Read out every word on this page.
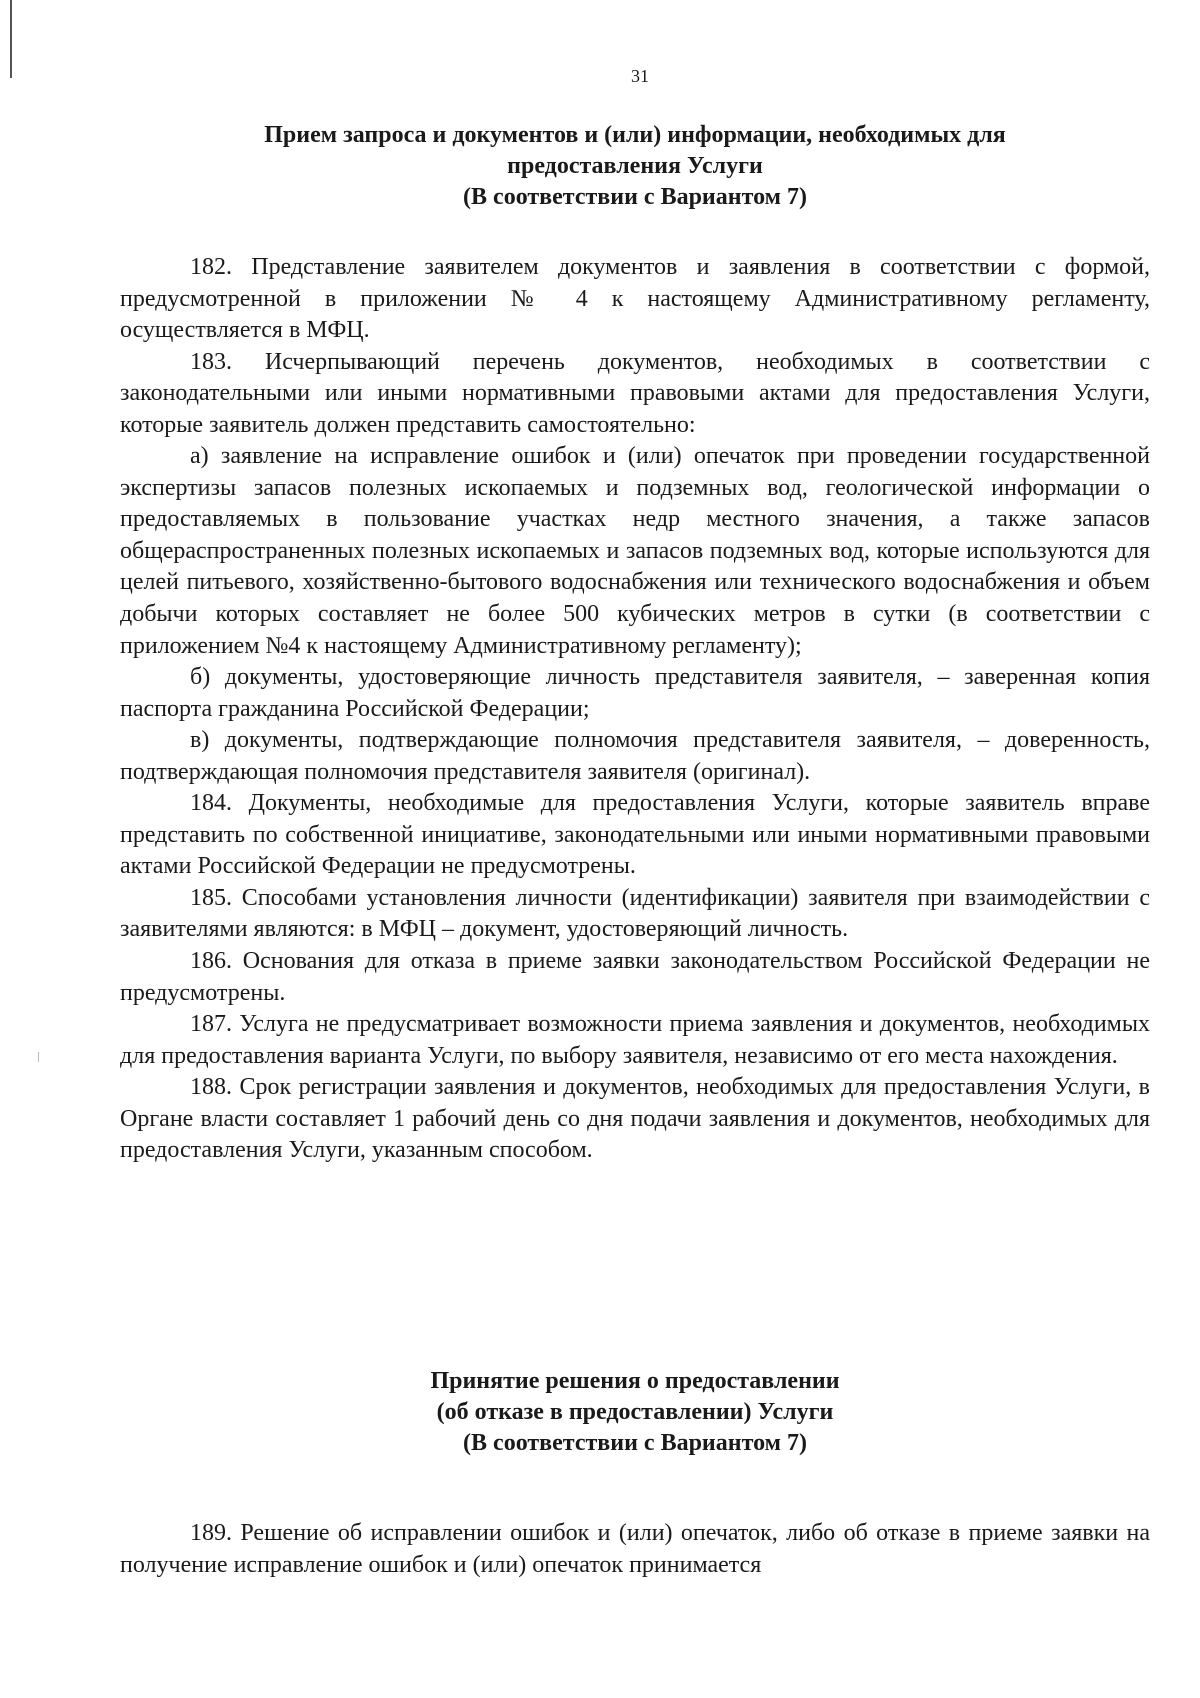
31
Прием запроса и документов и (или) информации, необходимых для
предоставления Услуги
(В соответствии с Вариантом 7)

182. Представление заявителем документов и заявления в соответствии с формой, предусмотренной в приложении № 4 к настоящему Административному регламенту, осуществляется в МФЦ.

183. Исчерпывающий перечень документов, необходимых в соответствии с законодательными или иными нормативными правовыми актами для предоставления Услуги, которые заявитель должен представить самостоятельно:

а) заявление на исправление ошибок и (или) опечаток при проведении государственной экспертизы запасов полезных ископаемых и подземных вод, геологической информации о предоставляемых в пользование участках недр местного значения, а также запасов общераспространенных полезных ископаемых и запасов подземных вод, которые используются для целей питьевого, хозяйственно-бытового водоснабжения или технического водоснабжения и объем добычи которых составляет не более 500 кубических метров в сутки (в соответствии с приложением №4 к настоящему Административному регламенту);

б) документы, удостоверяющие личность представителя заявителя, – заверенная копия паспорта гражданина Российской Федерации;

в) документы, подтверждающие полномочия представителя заявителя, – доверенность, подтверждающая полномочия представителя заявителя (оригинал).

184. Документы, необходимые для предоставления Услуги, которые заявитель вправе представить по собственной инициативе, законодательными или иными нормативными правовыми актами Российской Федерации не предусмотрены.

185. Способами установления личности (идентификации) заявителя при взаимодействии с заявителями являются: в МФЦ – документ, удостоверяющий личность.

186. Основания для отказа в приеме заявки законодательством Российской Федерации не предусмотрены.

187. Услуга не предусматривает возможности приема заявления и документов, необходимых для предоставления варианта Услуги, по выбору заявителя, независимо от его места нахождения.

188. Срок регистрации заявления и документов, необходимых для предоставления Услуги, в Органе власти составляет 1 рабочий день со дня подачи заявления и документов, необходимых для предоставления Услуги, указанным способом.

Принятие решения о предоставлении
(об отказе в предоставлении) Услуги
(В соответствии с Вариантом 7)

189. Решение об исправлении ошибок и (или) опечаток, либо об отказе в приеме заявки на получение исправление ошибок и (или) опечаток принимается
